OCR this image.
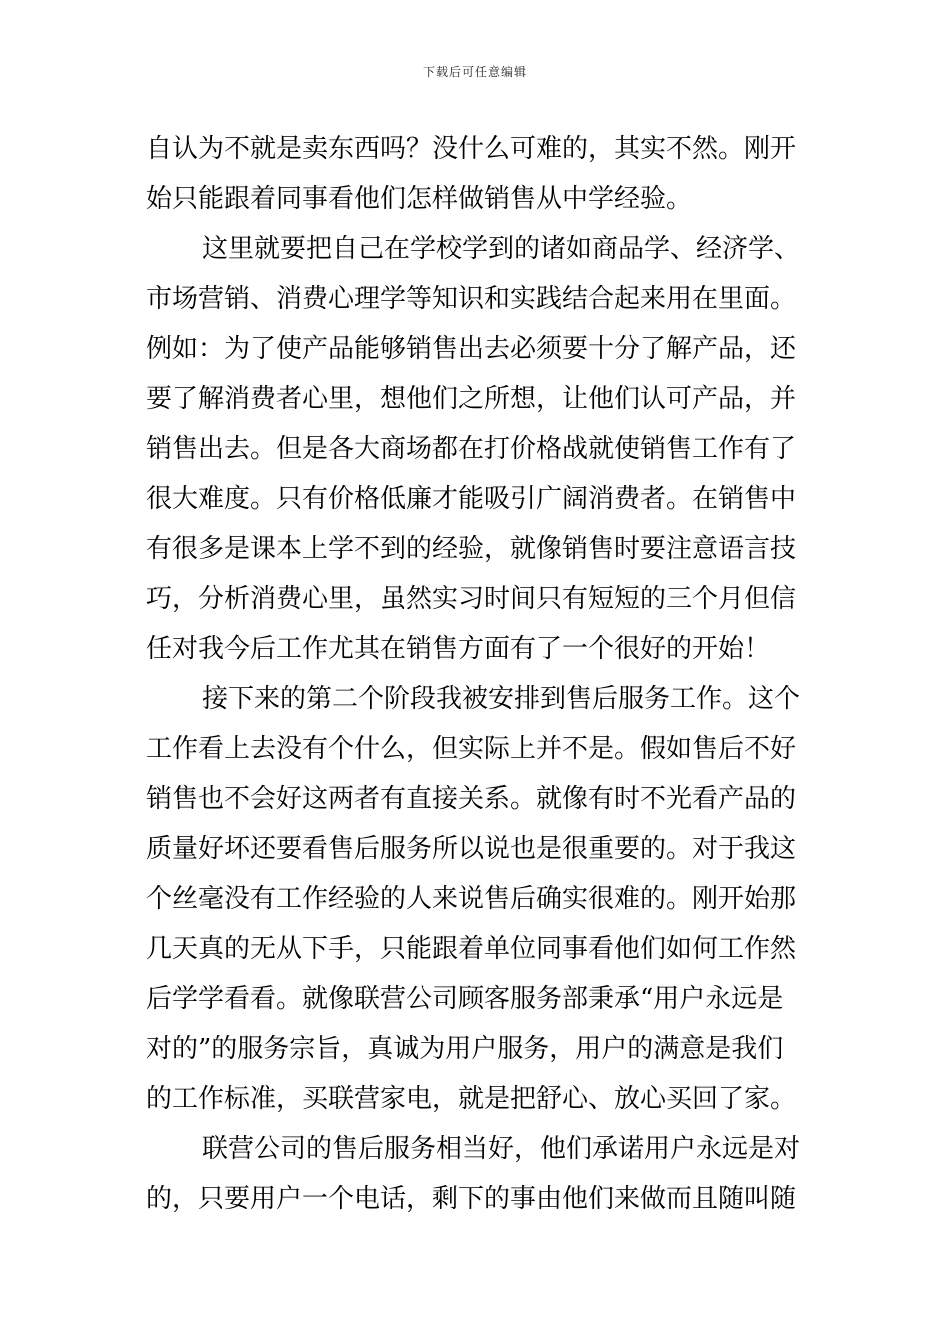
下载后可任意编辑
自认为不就是卖东西吗？没什么可难的，其实不然。刚开
始只能跟着同事看他们怎样做销售从中学经验。
这里就要把自己在学校学到的诸如商品学、经济学、
市场营销、消费心理学等知识和实践结合起来用在里面。
例如：为了使产品能够销售出去必须要十分了解产品，还
要了解消费者心里，想他们之所想，让他们认可产品，并
销售出去。但是各大商场都在打价格战就使销售工作有了
很大难度。只有价格低廉才能吸引广阔消费者。在销售中
有很多是课本上学不到的经验，就像销售时要注意语言技
巧，分析消费心里，虽然实习时间只有短短的三个月但信
任对我今后工作尤其在销售方面有了一个很好的开始！
接下来的第二个阶段我被安排到售后服务工作。这个
工作看上去没有个什么，但实际上并不是。假如售后不好
销售也不会好这两者有直接关系。就像有时不光看产品的
质量好坏还要看售后服务所以说也是很重要的。对于我这
个丝毫没有工作经验的人来说售后确实很难的。刚开始那
几天真的无从下手，只能跟着单位同事看他们如何工作然
后学学看看。就像联营公司顾客服务部秉承“用户永远是
对的”的服务宗旨，真诚为用户服务，用户的满意是我们
的工作标准，买联营家电，就是把舒心、放心买回了家。
联营公司的售后服务相当好，他们承诺用户永远是对
的，只要用户一个电话，剩下的事由他们来做而且随叫随
